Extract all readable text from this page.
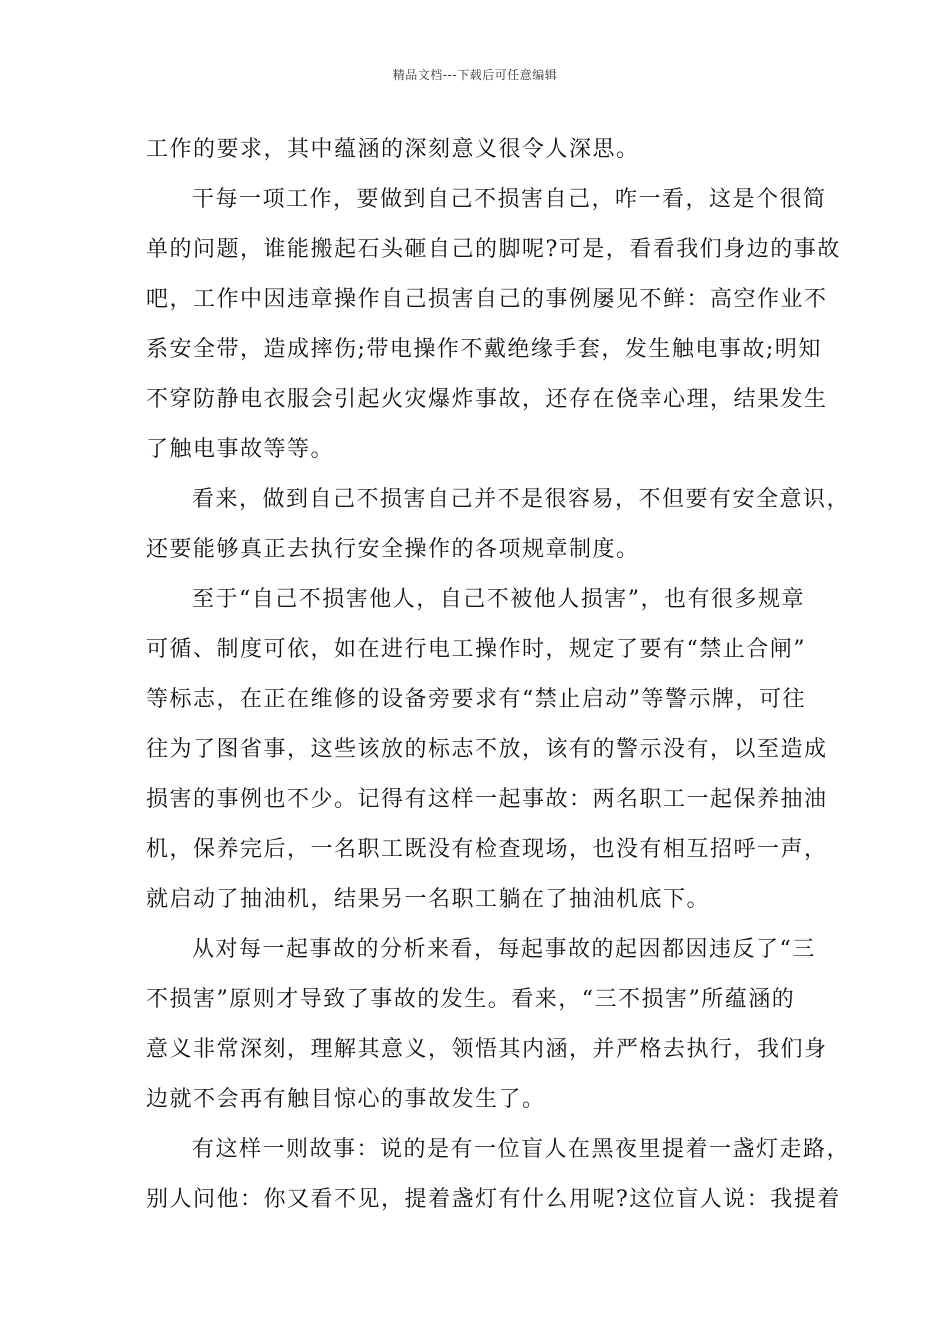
精品文档---下载后可任意编辑
工作的要求，其中蕴涵的深刻意义很令人深思。
干每一项工作，要做到自己不损害自己，咋一看，这是个很简
单的问题，谁能搬起石头砸自己的脚呢?可是，看看我们身边的事故
吧，工作中因违章操作自己损害自己的事例屡见不鲜：高空作业不
系安全带，造成摔伤;带电操作不戴绝缘手套，发生触电事故;明知
不穿防静电衣服会引起火灾爆炸事故，还存在侥幸心理，结果发生
了触电事故等等。
看来，做到自己不损害自己并不是很容易，不但要有安全意识，
还要能够真正去执行安全操作的各项规章制度。
至于“自己不损害他人，自己不被他人损害”，也有很多规章
可循、制度可依，如在进行电工操作时，规定了要有“禁止合闸”
等标志，在正在维修的设备旁要求有“禁止启动”等警示牌，可往
往为了图省事，这些该放的标志不放，该有的警示没有，以至造成
损害的事例也不少。记得有这样一起事故：两名职工一起保养抽油
机，保养完后，一名职工既没有检查现场，也没有相互招呼一声，
就启动了抽油机，结果另一名职工躺在了抽油机底下。
从对每一起事故的分析来看，每起事故的起因都因违反了“三
不损害”原则才导致了事故的发生。看来，“三不损害”所蕴涵的
意义非常深刻，理解其意义，领悟其内涵，并严格去执行，我们身
边就不会再有触目惊心的事故发生了。
有这样一则故事：说的是有一位盲人在黑夜里提着一盏灯走路，
别人问他：你又看不见，提着盏灯有什么用呢?这位盲人说：我提着
